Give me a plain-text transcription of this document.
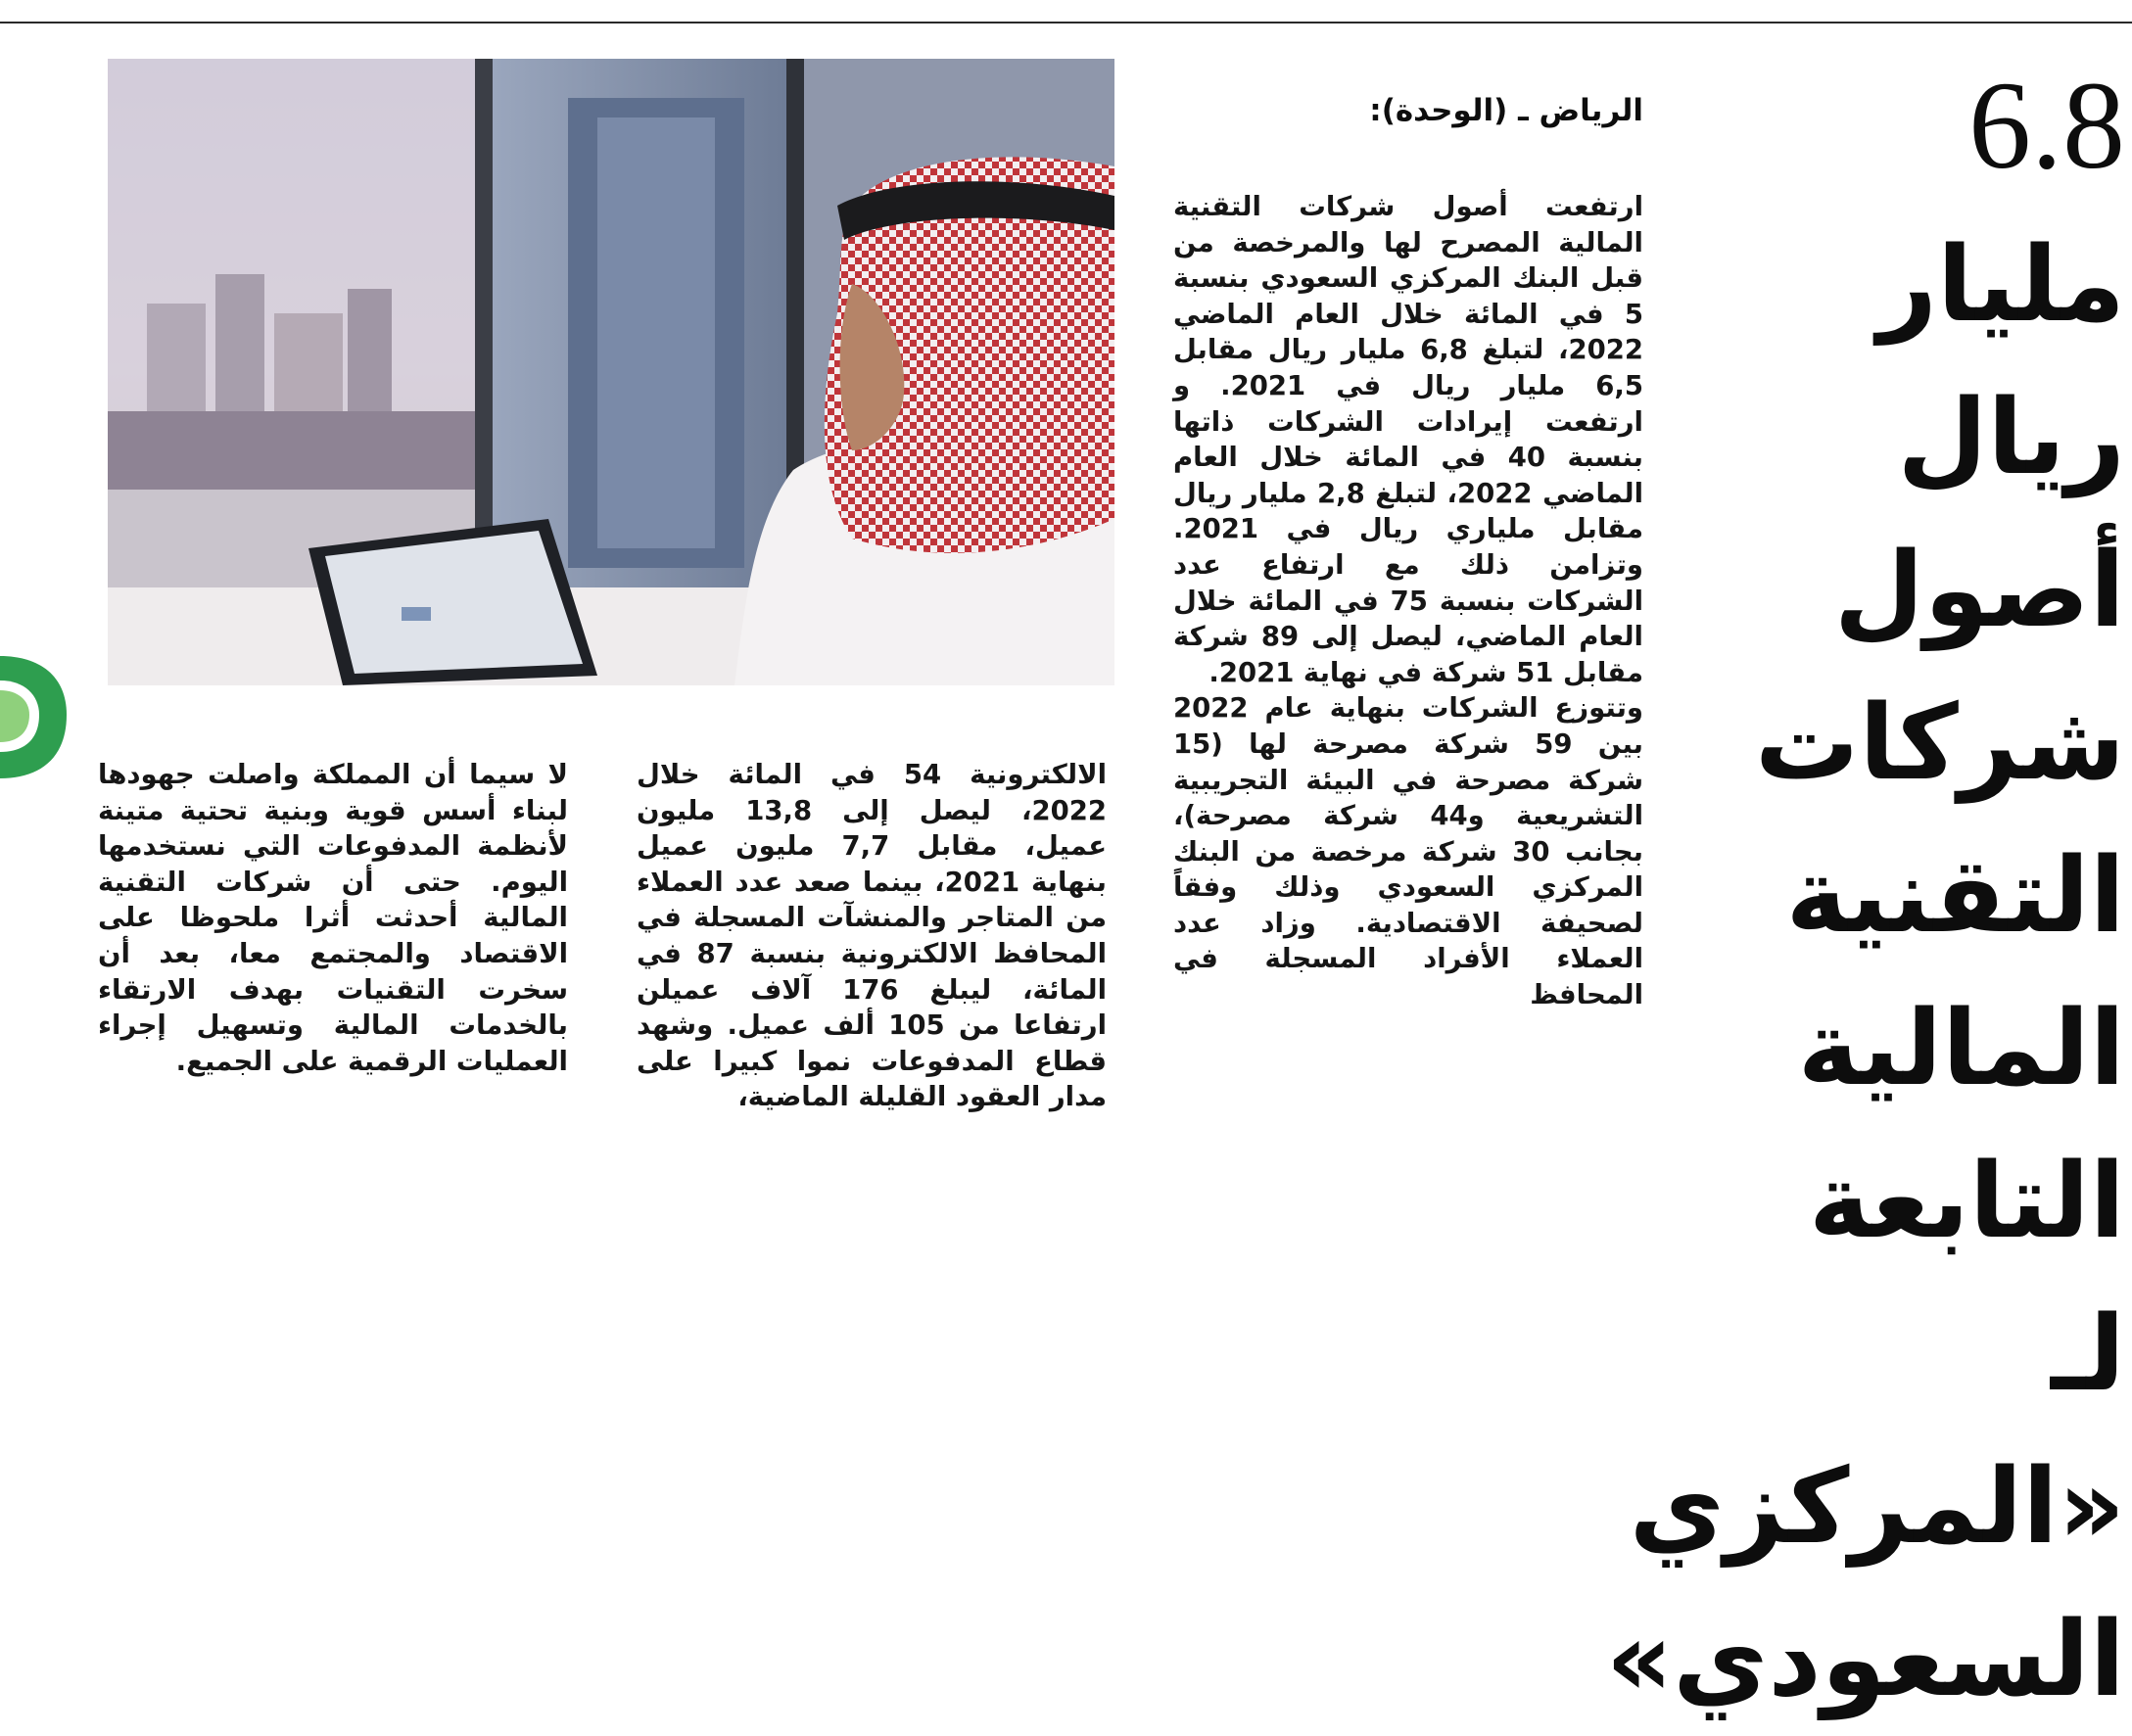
6.8 مليار
ريال أصول
شركات
التقنية
المالية
التابعة
لـ «المركزي
السعودي»

الرياض ـ (الوحدة):

ارتفعت أصول شركات التقنية المالية المصرح لها والمرخصة من قبل البنك المركزي السعودي بنسبة 5 في المائة خلال العام الماضي 2022، لتبلغ 6,8 مليار ريال مقابل 6,5 مليار ريال في 2021. و ارتفعت إيرادات الشركات ذاتها بنسبة 40 في المائة خلال العام الماضي 2022، لتبلغ 2,8 مليار ريال مقابل ملياري ريال في 2021. وتزامن ذلك مع ارتفاع عدد الشركات بنسبة 75 في المائة خلال العام الماضي، ليصل إلى 89 شركة مقابل 51 شركة في نهاية 2021.

وتتوزع الشركات بنهاية عام 2022 بين 59 شركة مصرحة لها (15 شركة مصرحة في البيئة التجريبية التشريعية و44 شركة مصرحة)، بجانب 30 شركة مرخصة من البنك المركزي السعودي وذلك وفقاً لصحيفة الاقتصادية. وزاد عدد العملاء الأفراد المسجلة في المحافظ

الالكترونية 54 في المائة خلال 2022، ليصل إلى 13,8 مليون عميل، مقابل 7,7 مليون عميل بنهاية 2021، بينما صعد عدد العملاء من المتاجر والمنشآت المسجلة في المحافظ الالكترونية بنسبة 87 في المائة، ليبلغ 176 آلاف عميلن ارتفاعا من 105 ألف عميل. وشهد قطاع المدفوعات نموا كبيرا على مدار العقود القليلة الماضية،

لا سيما أن المملكة واصلت جهودها لبناء أسس قوية وبنية تحتية متينة لأنظمة المدفوعات التي نستخدمها اليوم. حتى أن شركات التقنية المالية أحدثت أثرا ملحوظا على الاقتصاد والمجتمع معا، بعد أن سخرت التقنيات بهدف الارتقاء بالخدمات المالية وتسهيل إجراء العمليات الرقمية على الجميع.
